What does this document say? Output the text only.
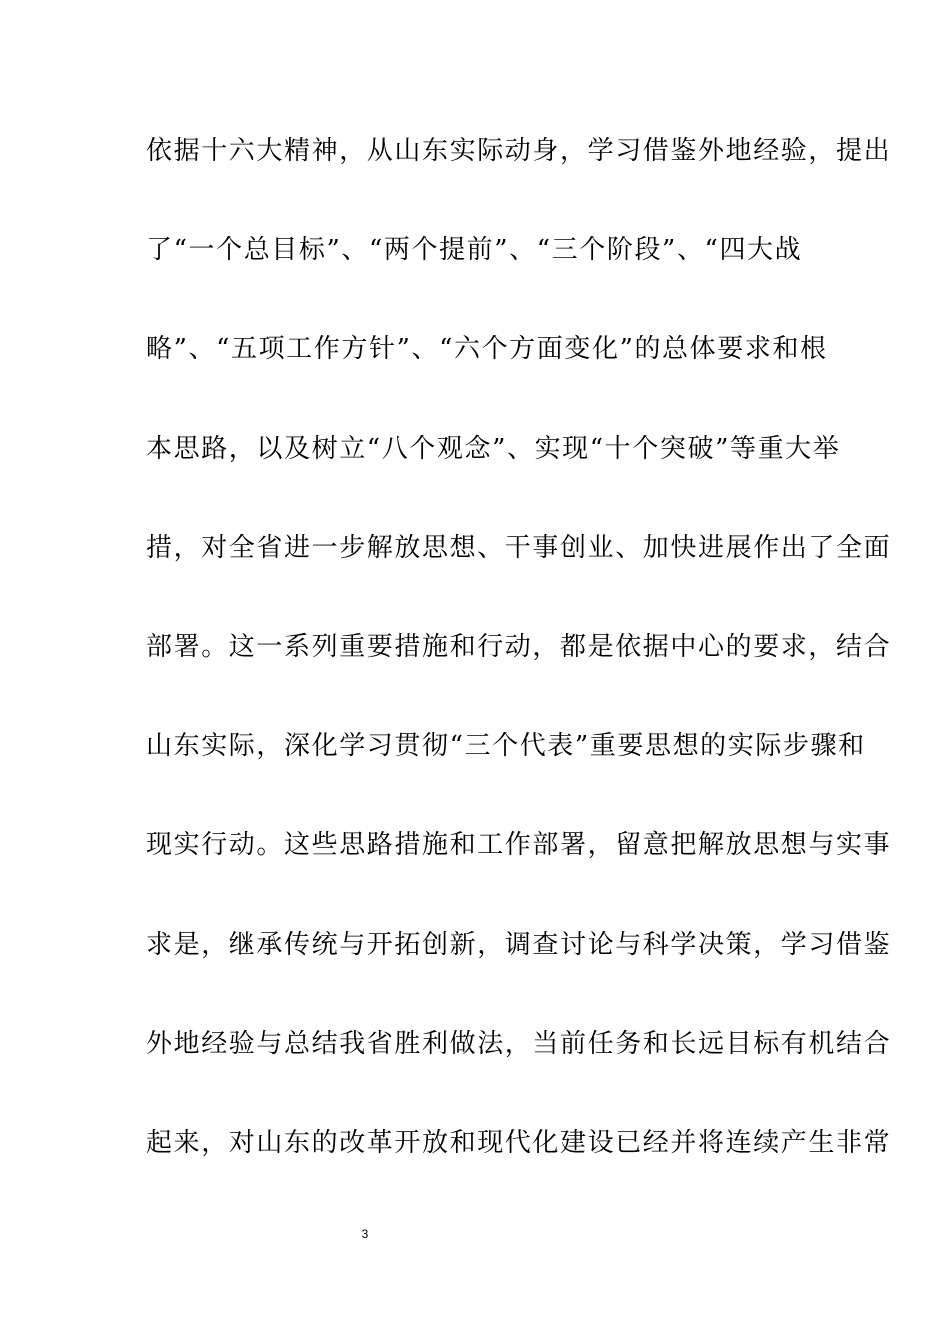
依据十六大精神，从山东实际动身，学习借鉴外地经验，提出
了“一个总目标”、“两个提前”、“三个阶段”、“四大战
略”、“五项工作方针”、“六个方面变化”的总体要求和根
本思路，以及树立“八个观念”、实现“十个突破”等重大举
措，对全省进一步解放思想、干事创业、加快进展作出了全面
部署。这一系列重要措施和行动，都是依据中心的要求，结合
山东实际，深化学习贯彻“三个代表”重要思想的实际步骤和
现实行动。这些思路措施和工作部署，留意把解放思想与实事
求是，继承传统与开拓创新，调查讨论与科学决策，学习借鉴
外地经验与总结我省胜利做法，当前任务和长远目标有机结合
起来，对山东的改革开放和现代化建设已经并将连续产生非常
3
